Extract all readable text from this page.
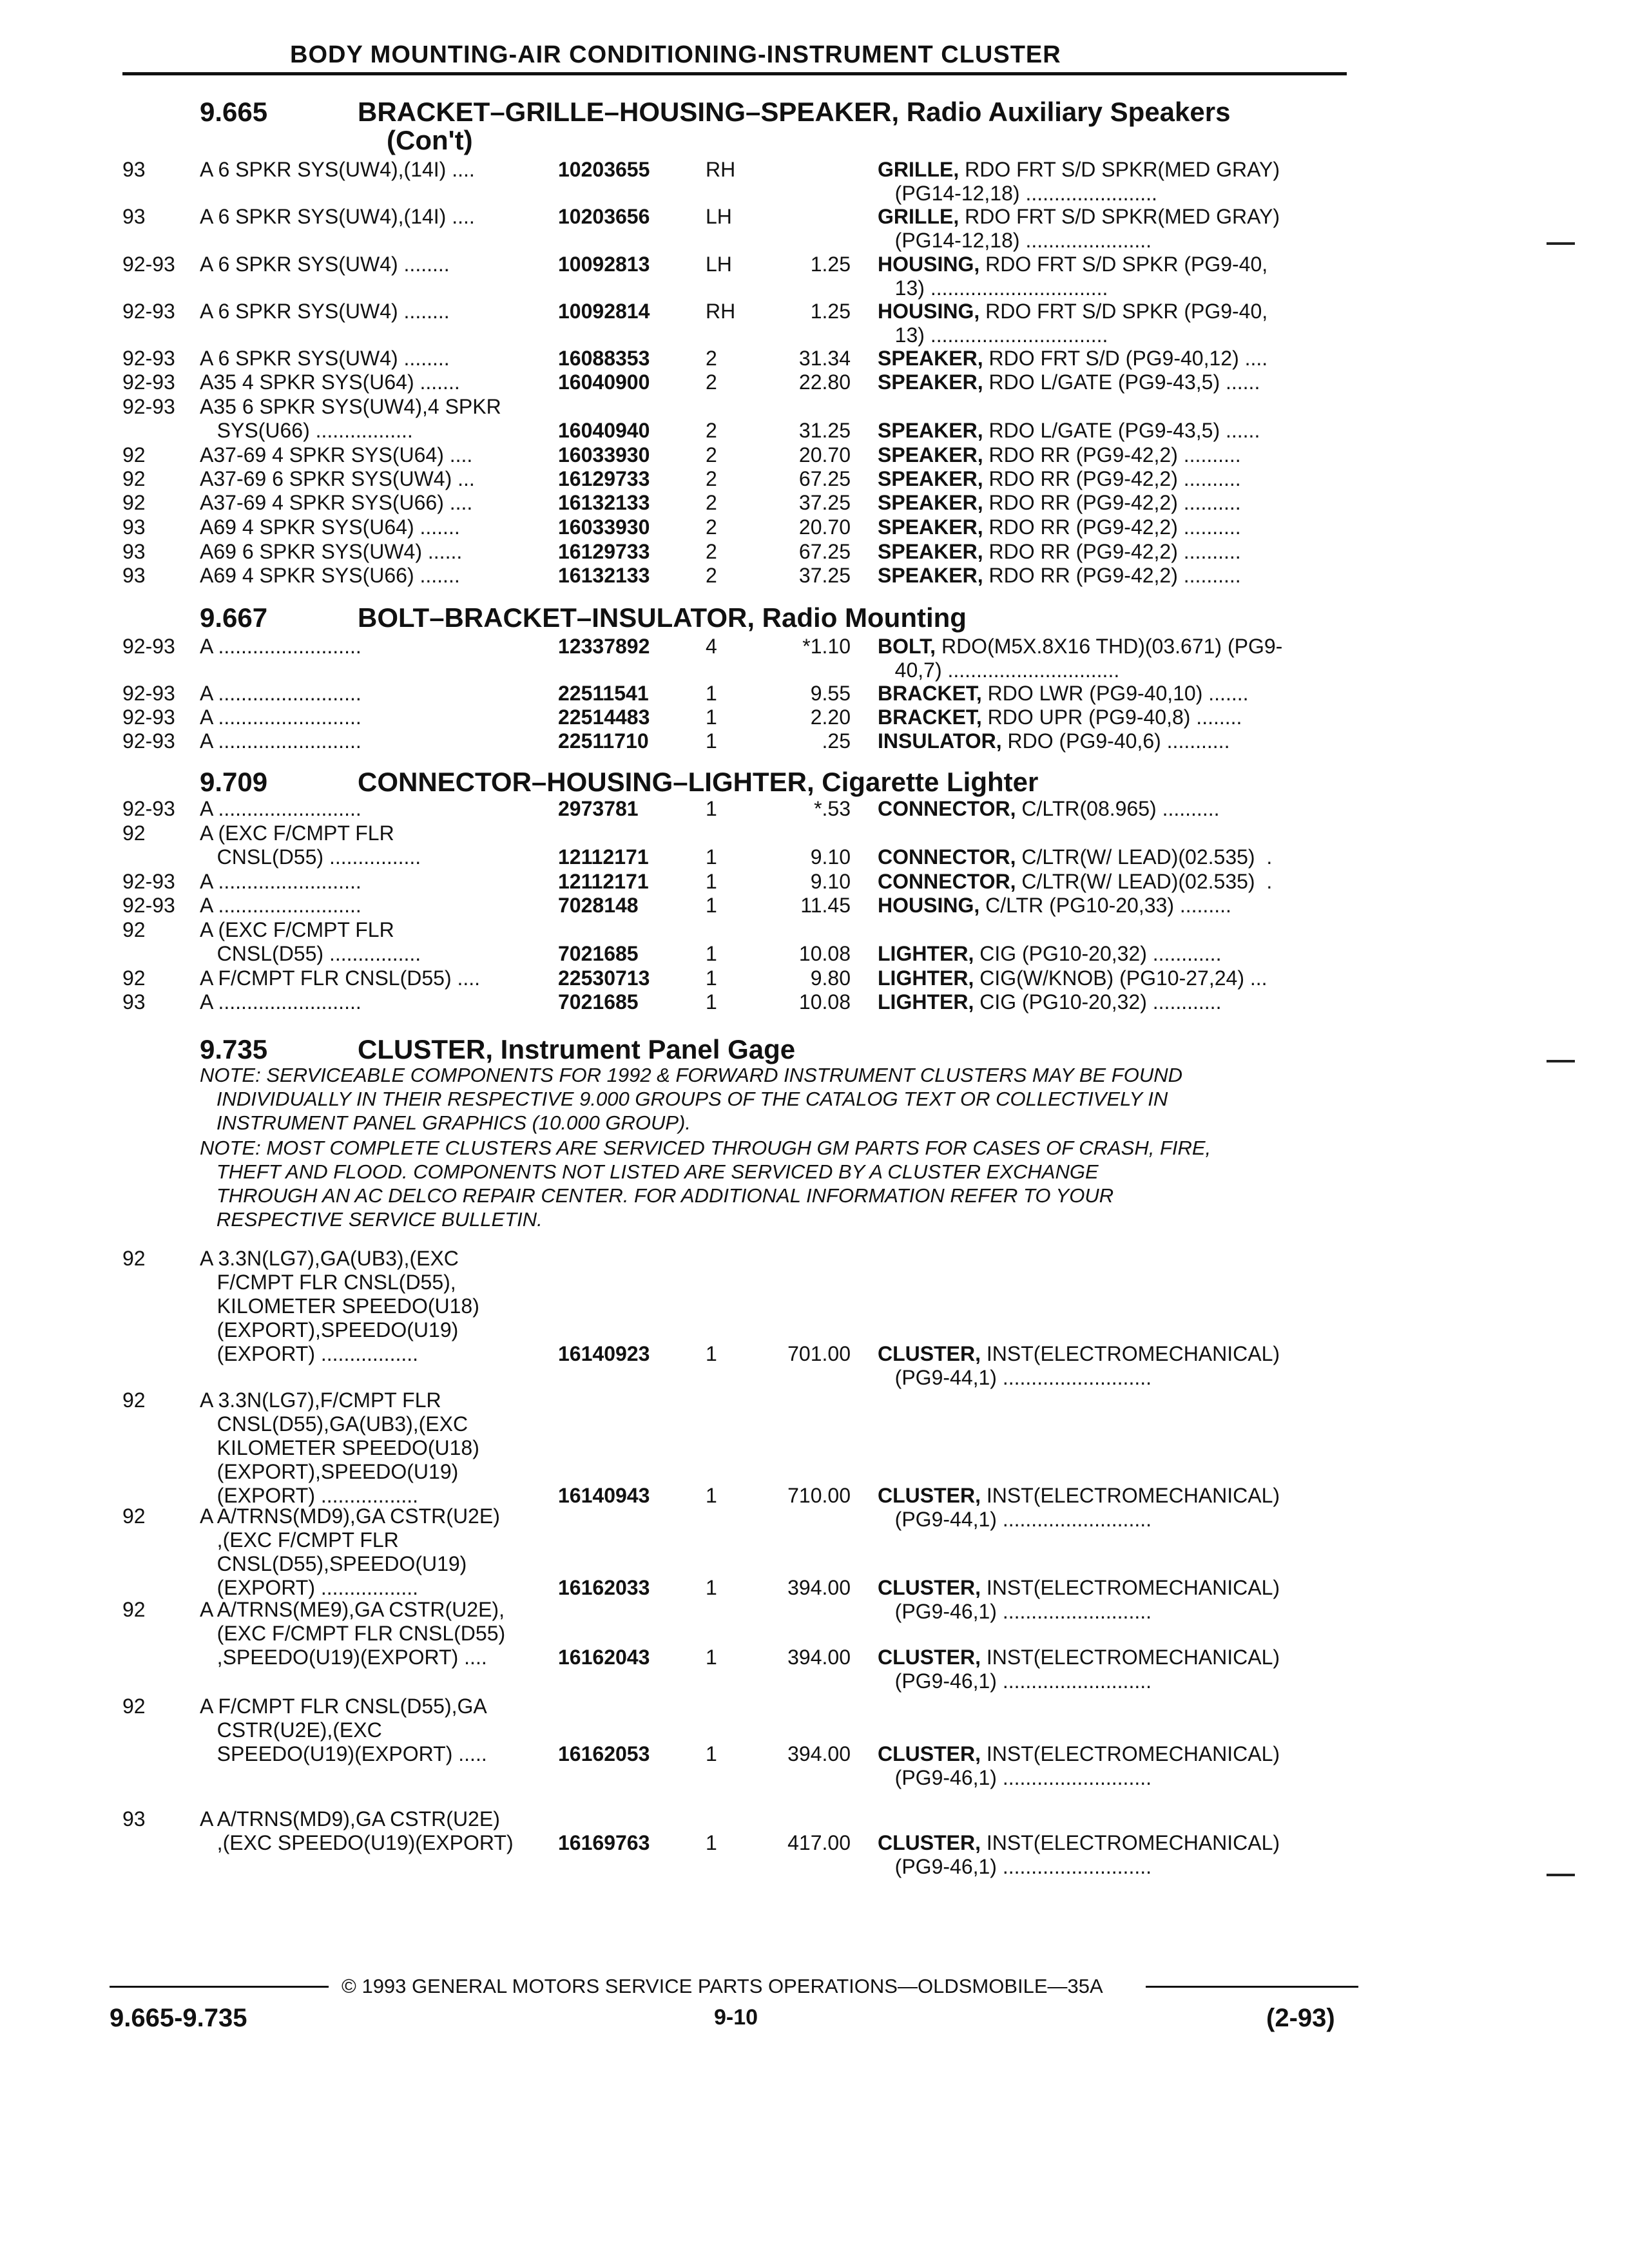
BODY MOUNTING-AIR CONDITIONING-INSTRUMENT CLUSTER
9.665	BRACKET–GRILLE–HOUSING–SPEAKER, Radio Auxiliary Speakers
(Con't)
93	A 6 SPKR SYS(UW4),(14I) ....	10203655	RH	GRILLE, RDO FRT S/D SPKR(MED GRAY)
(PG14-12,18) .......................
93	A 6 SPKR SYS(UW4),(14I) ....	10203656	LH	GRILLE, RDO FRT S/D SPKR(MED GRAY)
(PG14-12,18) ......................
92-93 A 6 SPKR SYS(UW4) ........	10092813	LH	1.25 HOUSING, RDO FRT S/D SPKR (PG9-40,
13) ...............................
92-93 A 6 SPKR SYS(UW4) ........	10092814	RH	1.25 HOUSING, RDO FRT S/D SPKR (PG9-40,
13) ...............................
92-93 A 6 SPKR SYS(UW4) ........	16088353	2	31.34 SPEAKER, RDO FRT S/D (PG9-40,12) ....
92-93 A35 4 SPKR SYS(U64) .......	16040900	2	22.80 SPEAKER, RDO L/GATE (PG9-43,5) ......
92-93 A35 6 SPKR SYS(UW4),4 SPKR
SYS(U66) .................	16040940	2	31.25 SPEAKER, RDO L/GATE (PG9-43,5) ......
92	A37-69 4 SPKR SYS(U64) ....	16033930	2	20.70 SPEAKER, RDO RR (PG9-42,2) ..........
92	A37-69 6 SPKR SYS(UW4) ...	16129733	2	67.25 SPEAKER, RDO RR (PG9-42,2) ..........
92	A37-69 4 SPKR SYS(U66) ....	16132133	2	37.25 SPEAKER, RDO RR (PG9-42,2) ..........
93	A69 4 SPKR SYS(U64) .......	16033930	2	20.70 SPEAKER, RDO RR (PG9-42,2) ..........
93	A69 6 SPKR SYS(UW4) ......	16129733	2	67.25 SPEAKER, RDO RR (PG9-42,2) ..........
93	A69 4 SPKR SYS(U66) .......	16132133	2	37.25 SPEAKER, RDO RR (PG9-42,2) ..........
9.667	BOLT–BRACKET–INSULATOR, Radio Mounting
92-93 A .........................	12337892	4	*1.10 BOLT, RDO(M5X.8X16 THD)(03.671) (PG9-
40,7) ..............................
92-93 A .........................	22511541	1	9.55 BRACKET, RDO LWR (PG9-40,10) .......
92-93 A .........................	22514483	1	2.20 BRACKET, RDO UPR (PG9-40,8) ........
92-93 A .........................	22511710	1	.25 INSULATOR, RDO (PG9-40,6) ...........
9.709	CONNECTOR–HOUSING–LIGHTER, Cigarette Lighter
92-93 A .........................	2973781	1	*.53 CONNECTOR, C/LTR(08.965) ..........
92	A (EXC F/CMPT FLR
CNSL(D55) ................	12112171	1	9.10 CONNECTOR, C/LTR(W/ LEAD)(02.535)  .
92-93 A .........................	12112171	1	9.10 CONNECTOR, C/LTR(W/ LEAD)(02.535)  .
92-93 A .........................	7028148	1	11.45 HOUSING, C/LTR (PG10-20,33) .........
92	A (EXC F/CMPT FLR
CNSL(D55) ................	7021685	1	10.08 LIGHTER, CIG (PG10-20,32) ............
92	A F/CMPT FLR CNSL(D55) ....	22530713	1	9.80 LIGHTER, CIG(W/KNOB) (PG10-27,24) ...
93	A .........................	7021685	1	10.08 LIGHTER, CIG (PG10-20,32) ............
9.735	CLUSTER, Instrument Panel Gage
NOTE: SERVICEABLE COMPONENTS FOR 1992 & FORWARD INSTRUMENT CLUSTERS MAY BE FOUND
INDIVIDUALLY IN THEIR RESPECTIVE 9.000 GROUPS OF THE CATALOG TEXT OR COLLECTIVELY IN
INSTRUMENT PANEL GRAPHICS (10.000 GROUP).
NOTE: MOST COMPLETE CLUSTERS ARE SERVICED THROUGH GM PARTS FOR CASES OF CRASH, FIRE,
THEFT AND FLOOD. COMPONENTS NOT LISTED ARE SERVICED BY A CLUSTER EXCHANGE
THROUGH AN AC DELCO REPAIR CENTER. FOR ADDITIONAL INFORMATION REFER TO YOUR
RESPECTIVE SERVICE BULLETIN.
92	A 3.3N(LG7),GA(UB3),(EXC
F/CMPT FLR CNSL(D55),
KILOMETER SPEEDO(U18)
(EXPORT),SPEEDO(U19)
(EXPORT) .................	16140923	1	701.00 CLUSTER, INST(ELECTROMECHANICAL)
(PG9-44,1) ..........................
92	A 3.3N(LG7),F/CMPT FLR
CNSL(D55),GA(UB3),(EXC
KILOMETER SPEEDO(U18)
(EXPORT),SPEEDO(U19)
(EXPORT) .................	16140943	1	710.00 CLUSTER, INST(ELECTROMECHANICAL)
(PG9-44,1) ..........................
92	A A/TRNS(MD9),GA CSTR(U2E)
,(EXC F/CMPT FLR
CNSL(D55),SPEEDO(U19)
(EXPORT) .................	16162033	1	394.00 CLUSTER, INST(ELECTROMECHANICAL)
(PG9-46,1) ..........................
92	A A/TRNS(ME9),GA CSTR(U2E),
(EXC F/CMPT FLR CNSL(D55)
,SPEEDO(U19)(EXPORT) ....	16162043	1	394.00 CLUSTER, INST(ELECTROMECHANICAL)
(PG9-46,1) ..........................
92	A F/CMPT FLR CNSL(D55),GA
CSTR(U2E),(EXC
SPEEDO(U19)(EXPORT) .....	16162053	1	394.00 CLUSTER, INST(ELECTROMECHANICAL)
(PG9-46,1) ..........................
93	A A/TRNS(MD9),GA CSTR(U2E)
,(EXC SPEEDO(U19)(EXPORT)	16169763	1	417.00 CLUSTER, INST(ELECTROMECHANICAL)
(PG9-46,1) ..........................
© 1993 GENERAL MOTORS SERVICE PARTS OPERATIONS—OLDSMOBILE—35A
9.665-9.735	9-10	(2-93)
